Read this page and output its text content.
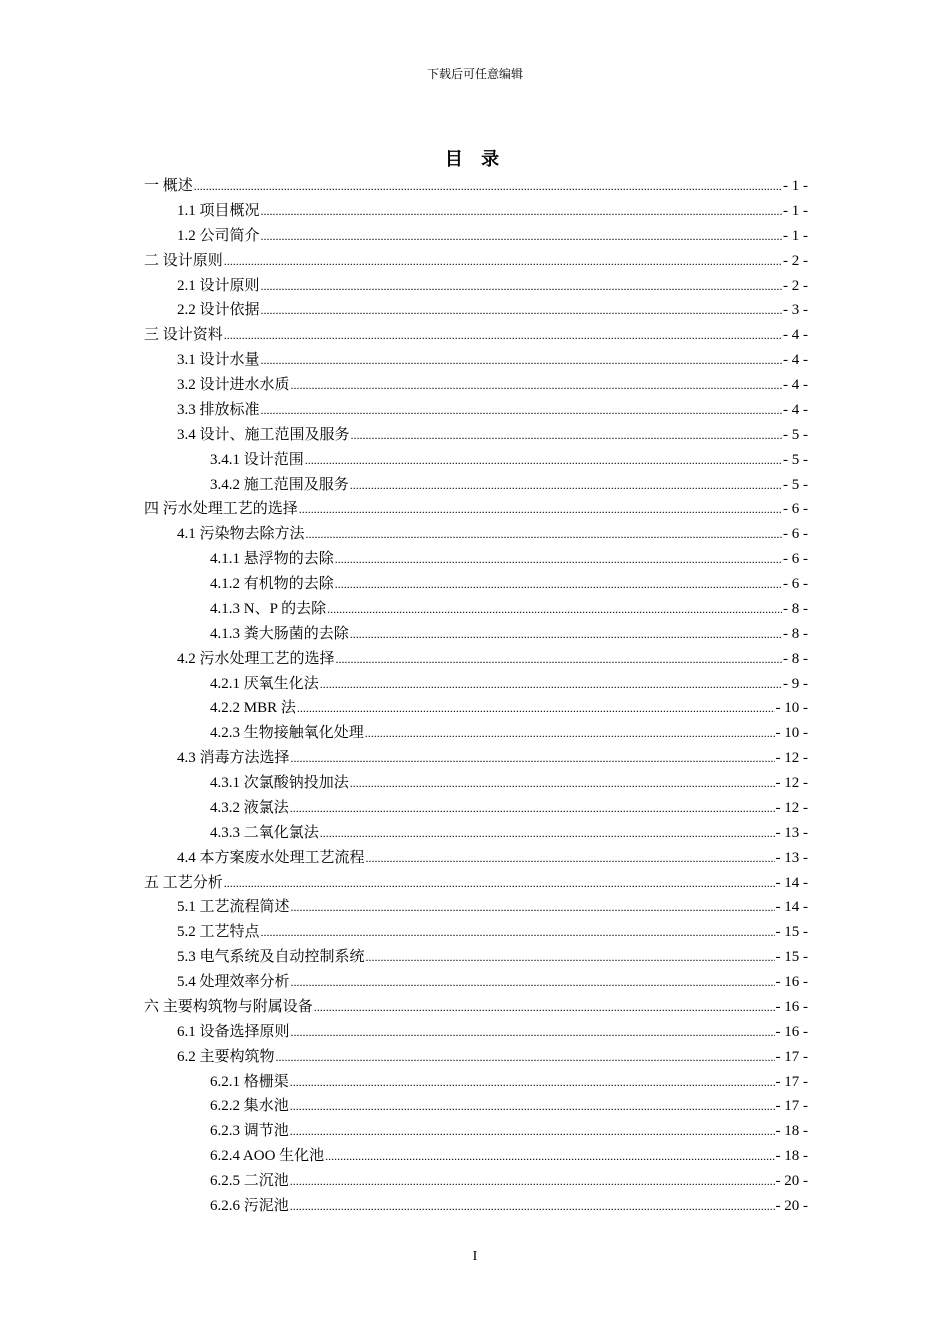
下载后可任意编辑
目 录
一 概述 .....	- 1 -
1.1 项目概况 .....	- 1 -
1.2 公司简介 .....	- 1 -
二 设计原则 .....	- 2 -
2.1 设计原则 .....	- 2 -
2.2 设计依据 .....	- 3 -
三 设计资料 .....	- 4 -
3.1 设计水量 .....	- 4 -
3.2 设计进水水质 .....	- 4 -
3.3 排放标准 .....	- 4 -
3.4 设计、施工范围及服务 .....	- 5 -
3.4.1 设计范围 .....	- 5 -
3.4.2 施工范围及服务 .....	- 5 -
四 污水处理工艺的选择 .....	- 6 -
4.1 污染物去除方法 .....	- 6 -
4.1.1 悬浮物的去除 .....	- 6 -
4.1.2 有机物的去除 .....	- 6 -
4.1.3 N、P 的去除 .....	- 8 -
4.1.3 粪大肠菌的去除 .....	- 8 -
4.2 污水处理工艺的选择 .....	- 8 -
4.2.1 厌氧生化法 .....	- 9 -
4.2.2 MBR 法 .....	- 10 -
4.2.3 生物接触氧化处理 .....	- 10 -
4.3 消毒方法选择 .....	- 12 -
4.3.1 次氯酸钠投加法 .....	- 12 -
4.3.2 液氯法 .....	- 12 -
4.3.3 二氧化氯法 .....	- 13 -
4.4 本方案废水处理工艺流程 .....	- 13 -
五 工艺分析 .....	- 14 -
5.1 工艺流程简述 .....	- 14 -
5.2 工艺特点 .....	- 15 -
5.3 电气系统及自动控制系统 .....	- 15 -
5.4 处理效率分析 .....	- 16 -
六 主要构筑物与附属设备 .....	- 16 -
6.1 设备选择原则 .....	- 16 -
6.2 主要构筑物 .....	- 17 -
6.2.1 格栅渠 .....	- 17 -
6.2.2 集水池 .....	- 17 -
6.2.3 调节池 .....	- 18 -
6.2.4 AOO 生化池 .....	- 18 -
6.2.5 二沉池 .....	- 20 -
6.2.6 污泥池 .....	- 20 -
I
